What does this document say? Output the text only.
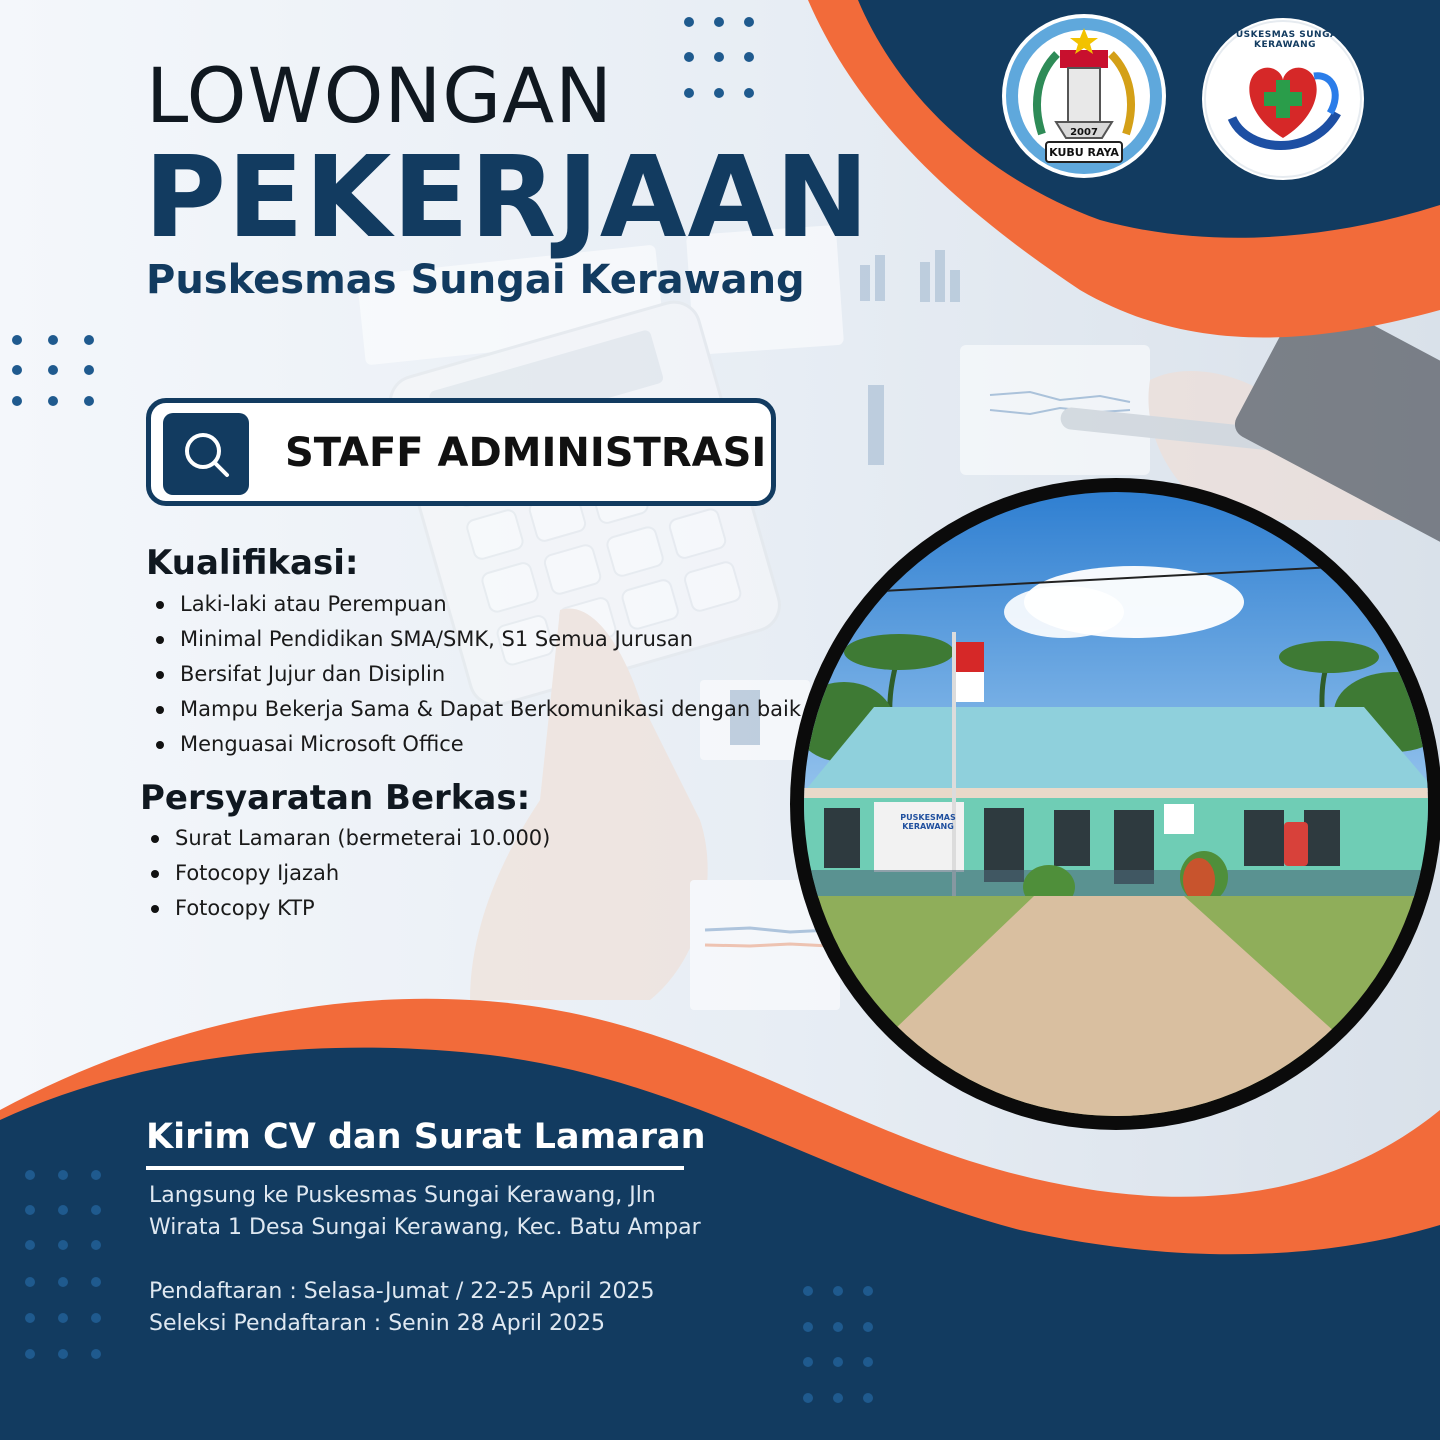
2007
KUBU RAYA
PUSKESMAS SUNGAI KERAWANG
LOWONGAN
PEKERJAAN
Puskesmas Sungai Kerawang
STAFF ADMINISTRASI
Kualifikasi:
Laki-laki atau Perempuan
Minimal Pendidikan SMA/SMK, S1 Semua Jurusan
Bersifat Jujur dan Disiplin
Mampu Bekerja Sama & Dapat Berkomunikasi dengan baik
Menguasai Microsoft Office
Persyaratan Berkas:
Surat Lamaran (bermeterai 10.000)
Fotocopy Ijazah
Fotocopy KTP
PUSKESMAS
KERAWANG
Kirim CV dan Surat Lamaran
Langsung ke Puskesmas Sungai Kerawang, Jln
Wirata 1 Desa Sungai Kerawang, Kec. Batu Ampar
Pendaftaran : Selasa-Jumat / 22-25 April 2025
Seleksi Pendaftaran : Senin 28 April 2025
